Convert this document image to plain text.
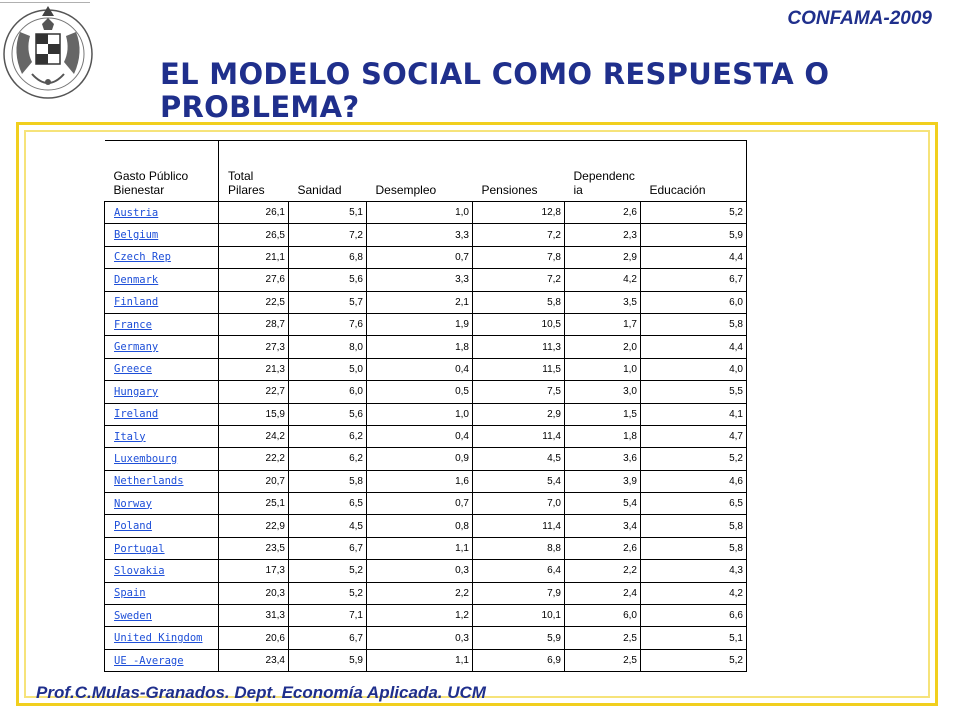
CONFAMA-2009
EL MODELO SOCIAL COMO RESPUESTA O PROBLEMA?
Gasto Público Bienestar	Total Pilares	Sanidad	Desempleo	Pensiones	Dependenc ia	Educación
Austria	26,1	5,1	1,0	12,8	2,6	5,2
Belgium	26,5	7,2	3,3	7,2	2,3	5,9
Czech Rep	21,1	6,8	0,7	7,8	2,9	4,4
Denmark	27,6	5,6	3,3	7,2	4,2	6,7
Finland	22,5	5,7	2,1	5,8	3,5	6,0
France	28,7	7,6	1,9	10,5	1,7	5,8
Germany	27,3	8,0	1,8	11,3	2,0	4,4
Greece	21,3	5,0	0,4	11,5	1,0	4,0
Hungary	22,7	6,0	0,5	7,5	3,0	5,5
Ireland	15,9	5,6	1,0	2,9	1,5	4,1
Italy	24,2	6,2	0,4	11,4	1,8	4,7
Luxembourg	22,2	6,2	0,9	4,5	3,6	5,2
Netherlands	20,7	5,8	1,6	5,4	3,9	4,6
Norway	25,1	6,5	0,7	7,0	5,4	6,5
Poland	22,9	4,5	0,8	11,4	3,4	5,8
Portugal	23,5	6,7	1,1	8,8	2,6	5,8
Slovakia	17,3	5,2	0,3	6,4	2,2	4,3
Spain	20,3	5,2	2,2	7,9	2,4	4,2
Sweden	31,3	7,1	1,2	10,1	6,0	6,6
United Kingdom	20,6	6,7	0,3	5,9	2,5	5,1
UE -Average	23,4	5,9	1,1	6,9	2,5	5,2
Prof.C.Mulas-Granados. Dept. Economía Aplicada. UCM
